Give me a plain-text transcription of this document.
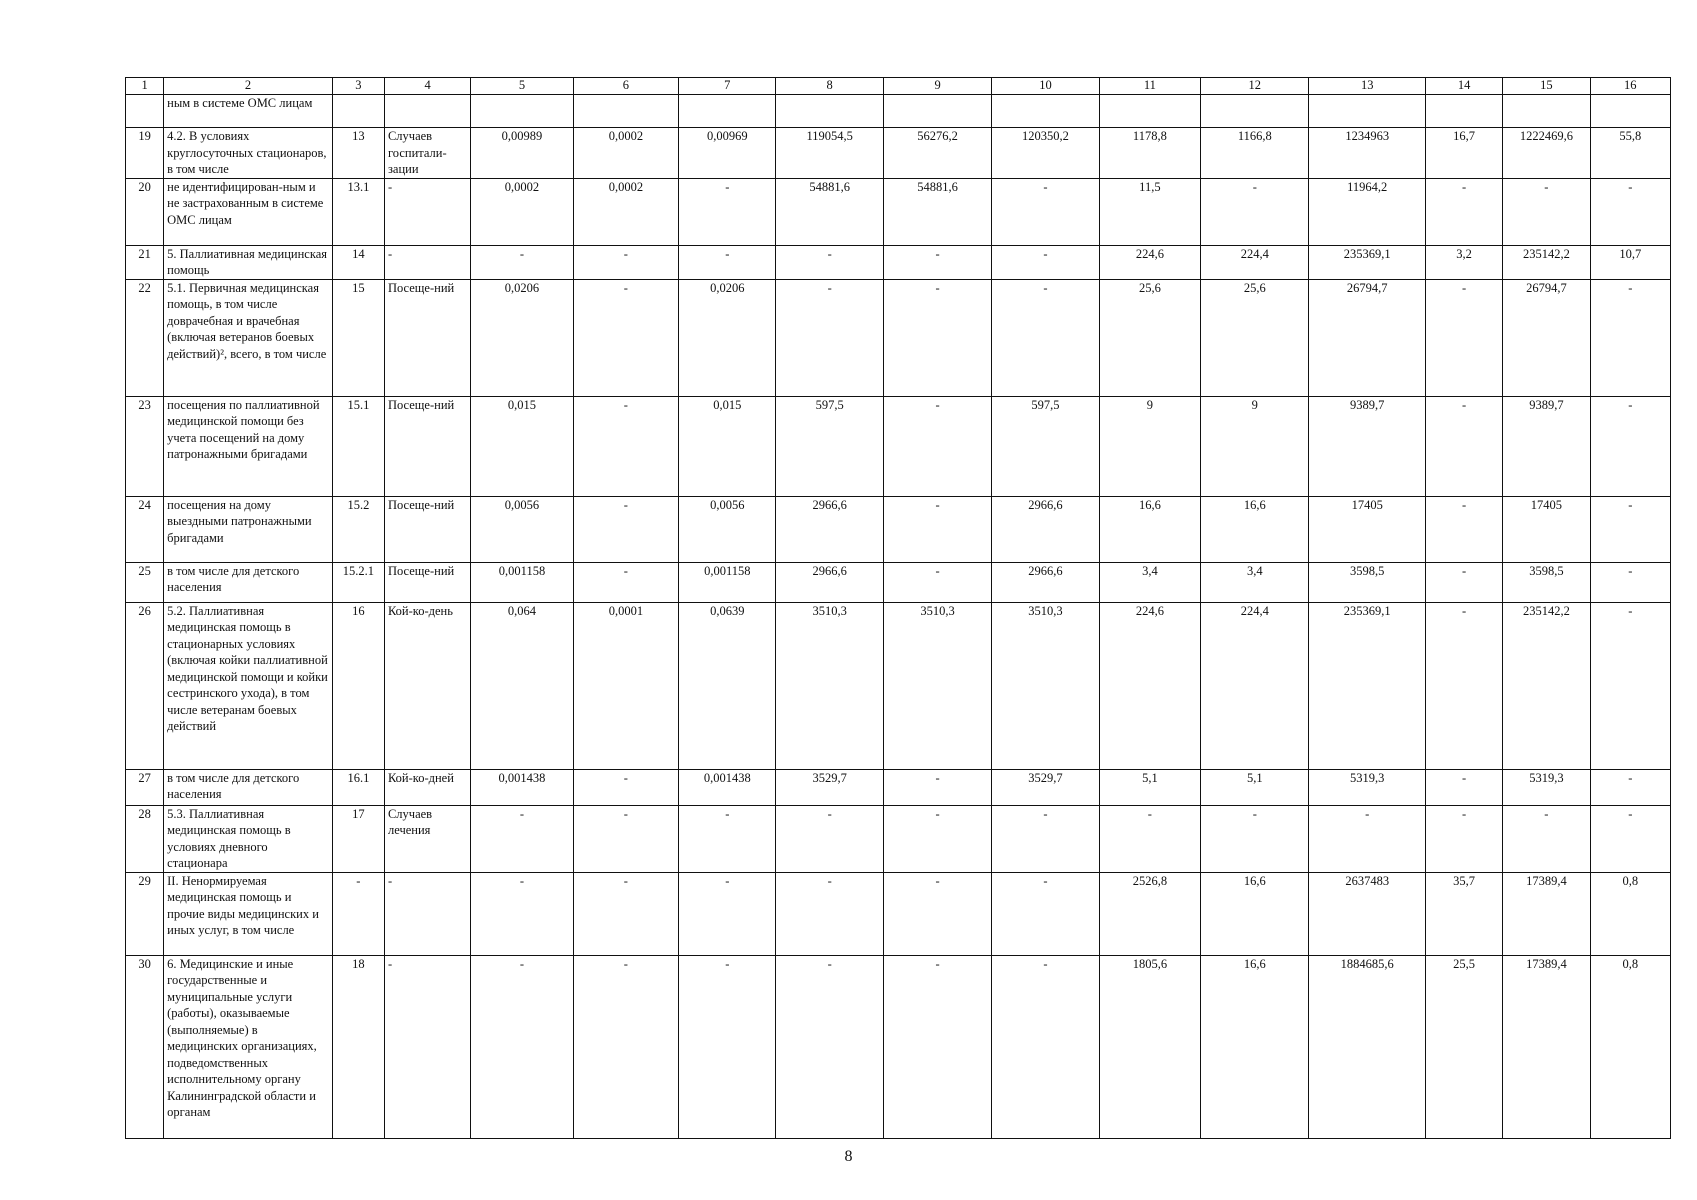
1	2	3	4	5	6	7	8	9	10	11	12	13	14	15	16
	ным в системе ОМС лицам														
19	4.2. В условиях круглосуточных стационаров, в том числе	13	Случаев госпитали-зации	0,00989	0,0002	0,00969	119054,5	56276,2	120350,2	1178,8	1166,8	1234963	16,7	1222469,6	55,8
20	не идентифицирован-ным и не застрахованным в системе ОМС лицам	13.1	-	0,0002	0,0002	-	54881,6	54881,6	-	11,5	-	11964,2	-	-	-
21	5. Паллиативная медицинская помощь	14	-	-	-	-	-	-	-	224,6	224,4	235369,1	3,2	235142,2	10,7
22	5.1. Первичная медицинская помощь, в том числе доврачебная и врачебная (включая ветеранов боевых действий)², всего, в том числе	15	Посеще-ний	0,0206	-	0,0206	-	-	-	25,6	25,6	26794,7	-	26794,7	-
23	посещения по паллиативной медицинской помощи без учета посещений на дому патронажными бригадами	15.1	Посеще-ний	0,015	-	0,015	597,5	-	597,5	9	9	9389,7	-	9389,7	-
24	посещения на дому выездными патронажными бригадами	15.2	Посеще-ний	0,0056	-	0,0056	2966,6	-	2966,6	16,6	16,6	17405	-	17405	-
25	в том числе для детского населения	15.2.1	Посеще-ний	0,001158	-	0,001158	2966,6	-	2966,6	3,4	3,4	3598,5	-	3598,5	-
26	5.2. Паллиативная медицинская помощь в стационарных условиях (включая койки паллиативной медицинской помощи и койки сестринского ухода), в том числе ветеранам боевых действий	16	Кой-ко-день	0,064	0,0001	0,0639	3510,3	3510,3	3510,3	224,6	224,4	235369,1	-	235142,2	-
27	в том числе для детского населения	16.1	Кой-ко-дней	0,001438	-	0,001438	3529,7	-	3529,7	5,1	5,1	5319,3	-	5319,3	-
28	5.3. Паллиативная медицинская помощь в условиях дневного стационара	17	Случаев лечения	-	-	-	-	-	-	-	-	-	-	-	-
29	II. Ненормируемая медицинская помощь и прочие виды медицинских и иных услуг, в том числе	-	-	-	-	-	-	-	-	2526,8	16,6	2637483	35,7	17389,4	0,8
30	6. Медицинские и иные государственные и муниципальные услуги (работы), оказываемые (выполняемые) в медицинских организациях, подведомственных исполнительному органу Калининградской области и органам	18	-	-	-	-	-	-	-	1805,6	16,6	1884685,6	25,5	17389,4	0,8
8
